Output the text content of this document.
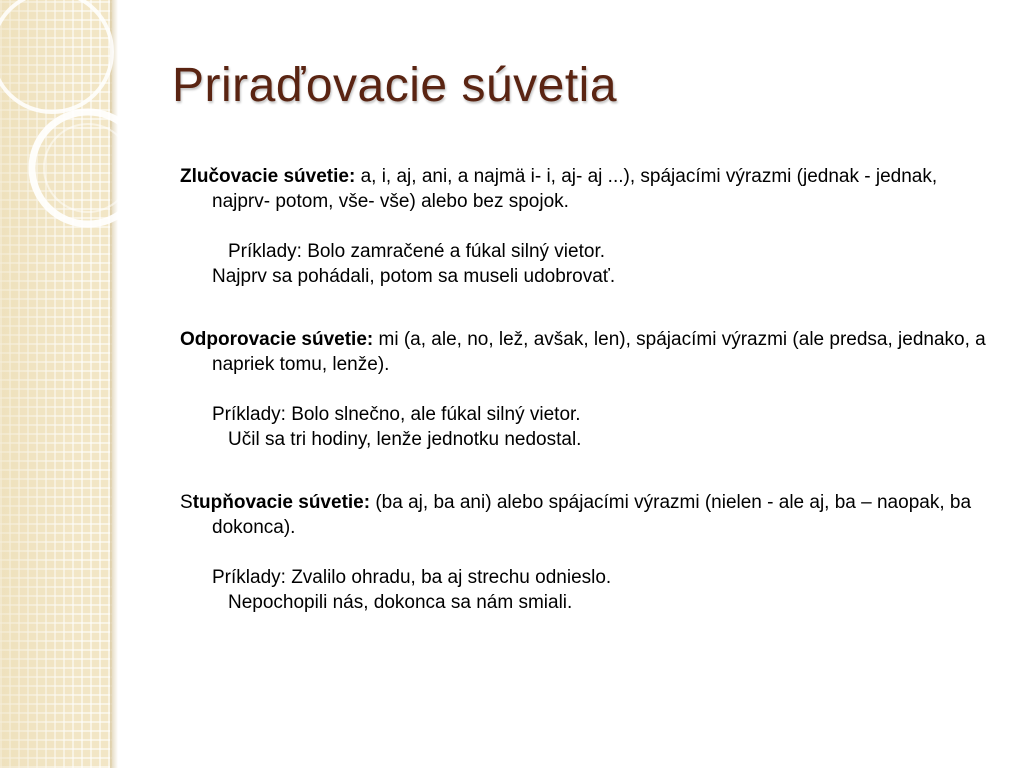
Priraďovacie súvetia

Zlučovacie súvetie: a, i, aj, ani, a najmä i- i, aj- aj ...), spájacími výrazmi (jednak - jednak, najprv- potom, vše- vše) alebo bez spojok.

Príklady: Bolo zamračené a fúkal silný vietor.

Najprv sa pohádali, potom sa museli udobrovať.

Odporovacie súvetie: mi (a, ale, no, lež, avšak, len), spájacími výrazmi (ale predsa, jednako, a napriek tomu, lenže).

Príklady: Bolo slnečno, ale fúkal silný vietor.

Učil sa tri hodiny, lenže jednotku nedostal.

Stupňovacie súvetie: (ba aj, ba ani) alebo spájacími výrazmi (nielen - ale aj, ba – naopak, ba dokonca).

Príklady: Zvalilo ohradu, ba aj strechu odnieslo.

Nepochopili nás, dokonca sa nám smiali.
